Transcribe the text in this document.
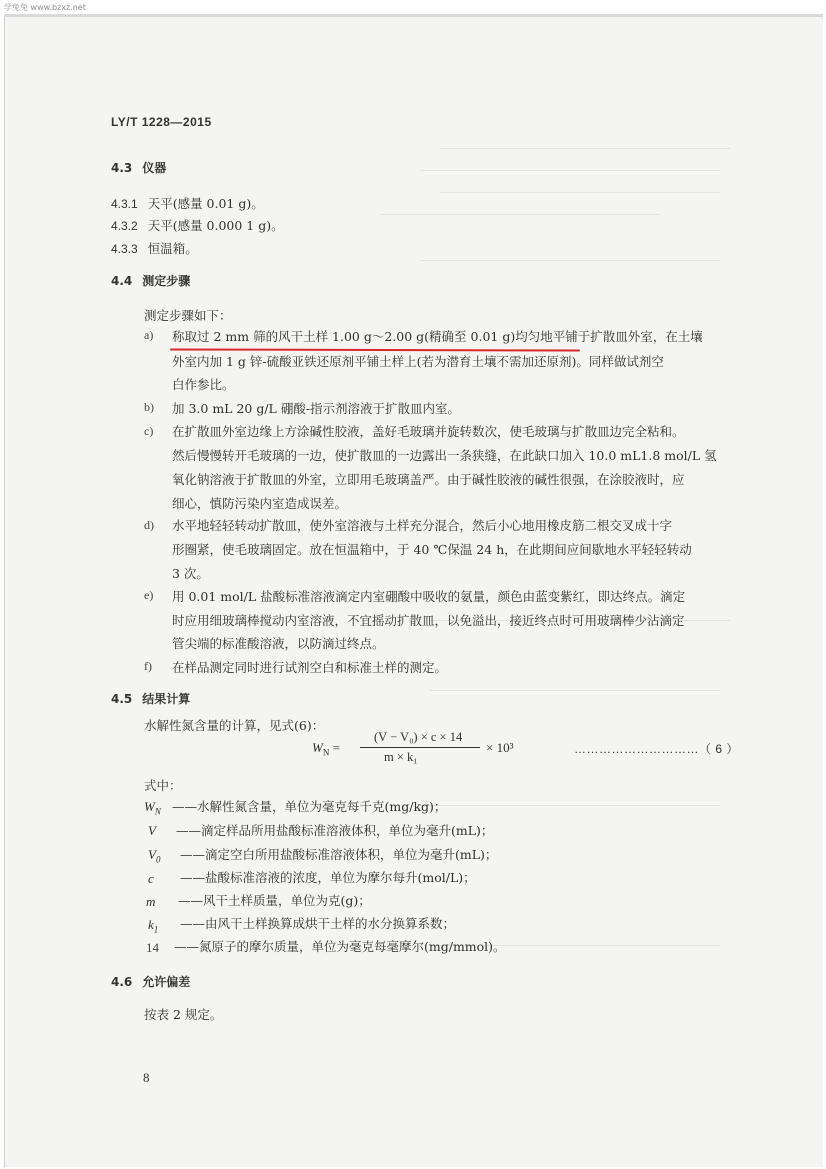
学兔兔 www.bzxz.net
LY/T 1228—2015
4.3 仪器
4.3.1 天平(感量 0.01 g)。
4.3.2 天平(感量 0.000 1 g)。
4.3.3 恒温箱。
4.4 测定步骤
测定步骤如下：
a) 称取过 2 mm 筛的风干土样 1.00 g～2.00 g(精确至 0.01 g)均匀地平铺于扩散皿外室，在土壤
外室内加 1 g 锌-硫酸亚铁还原剂平铺土样上(若为潜育土壤不需加还原剂)。同样做试剂空
白作参比。
b) 加 3.0 mL 20 g/L 硼酸-指示剂溶液于扩散皿内室。
c) 在扩散皿外室边缘上方涂碱性胶液，盖好毛玻璃并旋转数次，使毛玻璃与扩散皿边完全粘和。
然后慢慢转开毛玻璃的一边，使扩散皿的一边露出一条狭缝，在此缺口加入 10.0 mL1.8 mol/L 氢
氧化钠溶液于扩散皿的外室，立即用毛玻璃盖严。由于碱性胶液的碱性很强，在涂胶液时，应
细心，慎防污染内室造成误差。
d) 水平地轻轻转动扩散皿，使外室溶液与土样充分混合，然后小心地用橡皮筋二根交叉成十字
形圈紧，使毛玻璃固定。放在恒温箱中，于 40 ℃保温 24 h，在此期间应间歇地水平轻轻转动
3 次。
e) 用 0.01 mol/L 盐酸标准溶液滴定内室硼酸中吸收的氨量，颜色由蓝变紫红，即达终点。滴定
时应用细玻璃棒搅动内室溶液，不宜摇动扩散皿，以免溢出，接近终点时可用玻璃棒少沾滴定
管尖端的标准酸溶液，以防滴过终点。
f) 在样品测定同时进行试剂空白和标准土样的测定。
4.5 结果计算
水解性氮含量的计算，见式(6)：
$W_N$ =
(V − V₀) × c × 14
m × k₁
× 10³	…………………………（ 6 ）
式中：
$W_N$ ——水解性氮含量，单位为毫克每千克(mg/kg)；
V ——滴定样品所用盐酸标准溶液体积，单位为毫升(mL)；
$V_0$ ——滴定空白所用盐酸标准溶液体积，单位为毫升(mL)；
c ——盐酸标准溶液的浓度，单位为摩尔每升(mol/L)；
m ——风干土样质量，单位为克(g)；
$k_1$ ——由风干土样换算成烘干土样的水分换算系数；
14 ——氮原子的摩尔质量，单位为毫克每毫摩尔(mg/mmol)。
4.6 允许偏差
按表 2 规定。
8
